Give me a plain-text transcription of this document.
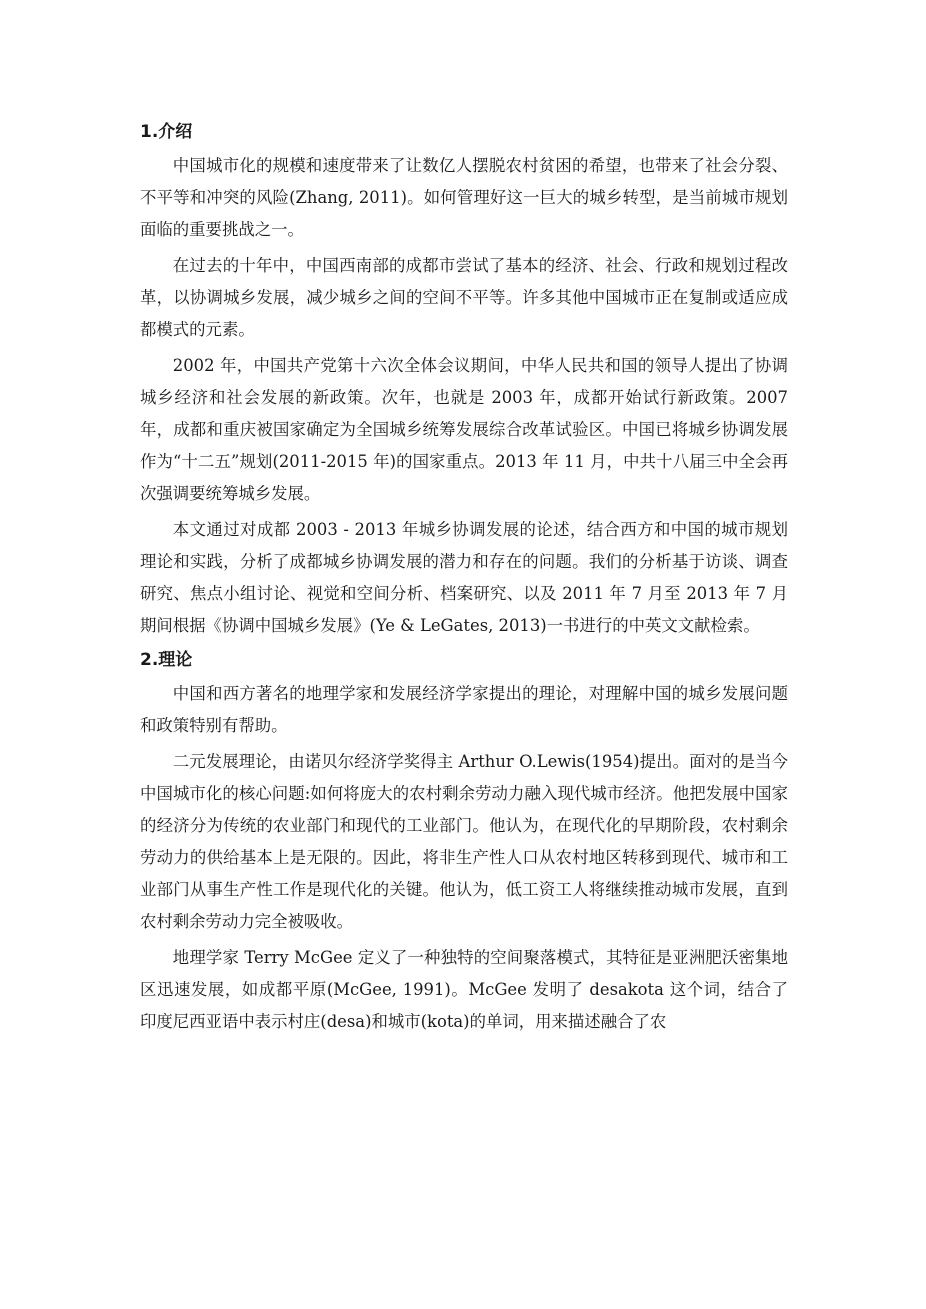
1.介绍

中国城市化的规模和速度带来了让数亿人摆脱农村贫困的希望，也带来了社会分裂、不平等和冲突的风险(Zhang, 2011)。如何管理好这一巨大的城乡转型，是当前城市规划面临的重要挑战之一。

在过去的十年中，中国西南部的成都市尝试了基本的经济、社会、行政和规划过程改革，以协调城乡发展，减少城乡之间的空间不平等。许多其他中国城市正在复制或适应成都模式的元素。

2002 年，中国共产党第十六次全体会议期间，中华人民共和国的领导人提出了协调城乡经济和社会发展的新政策。次年，也就是 2003 年，成都开始试行新政策。2007 年，成都和重庆被国家确定为全国城乡统筹发展综合改革试验区。中国已将城乡协调发展作为“十二五”规划(2011-2015 年)的国家重点。2013 年 11 月，中共十八届三中全会再次强调要统筹城乡发展。

本文通过对成都 2003 - 2013 年城乡协调发展的论述，结合西方和中国的城市规划理论和实践，分析了成都城乡协调发展的潜力和存在的问题。我们的分析基于访谈、调查研究、焦点小组讨论、视觉和空间分析、档案研究、以及 2011 年 7 月至 2013 年 7 月期间根据《协调中国城乡发展》(Ye & LeGates, 2013)一书进行的中英文文献检索。

2.理论

中国和西方著名的地理学家和发展经济学家提出的理论，对理解中国的城乡发展问题和政策特别有帮助。

二元发展理论，由诺贝尔经济学奖得主 Arthur O.Lewis(1954)提出。面对的是当今中国城市化的核心问题:如何将庞大的农村剩余劳动力融入现代城市经济。他把发展中国家的经济分为传统的农业部门和现代的工业部门。他认为，在现代化的早期阶段，农村剩余劳动力的供给基本上是无限的。因此，将非生产性人口从农村地区转移到现代、城市和工业部门从事生产性工作是现代化的关键。他认为，低工资工人将继续推动城市发展，直到农村剩余劳动力完全被吸收。

地理学家 Terry McGee 定义了一种独特的空间聚落模式，其特征是亚洲肥沃密集地区迅速发展，如成都平原(McGee, 1991)。McGee 发明了 desakota 这个词，结合了印度尼西亚语中表示村庄(desa)和城市(kota)的单词，用来描述融合了农
